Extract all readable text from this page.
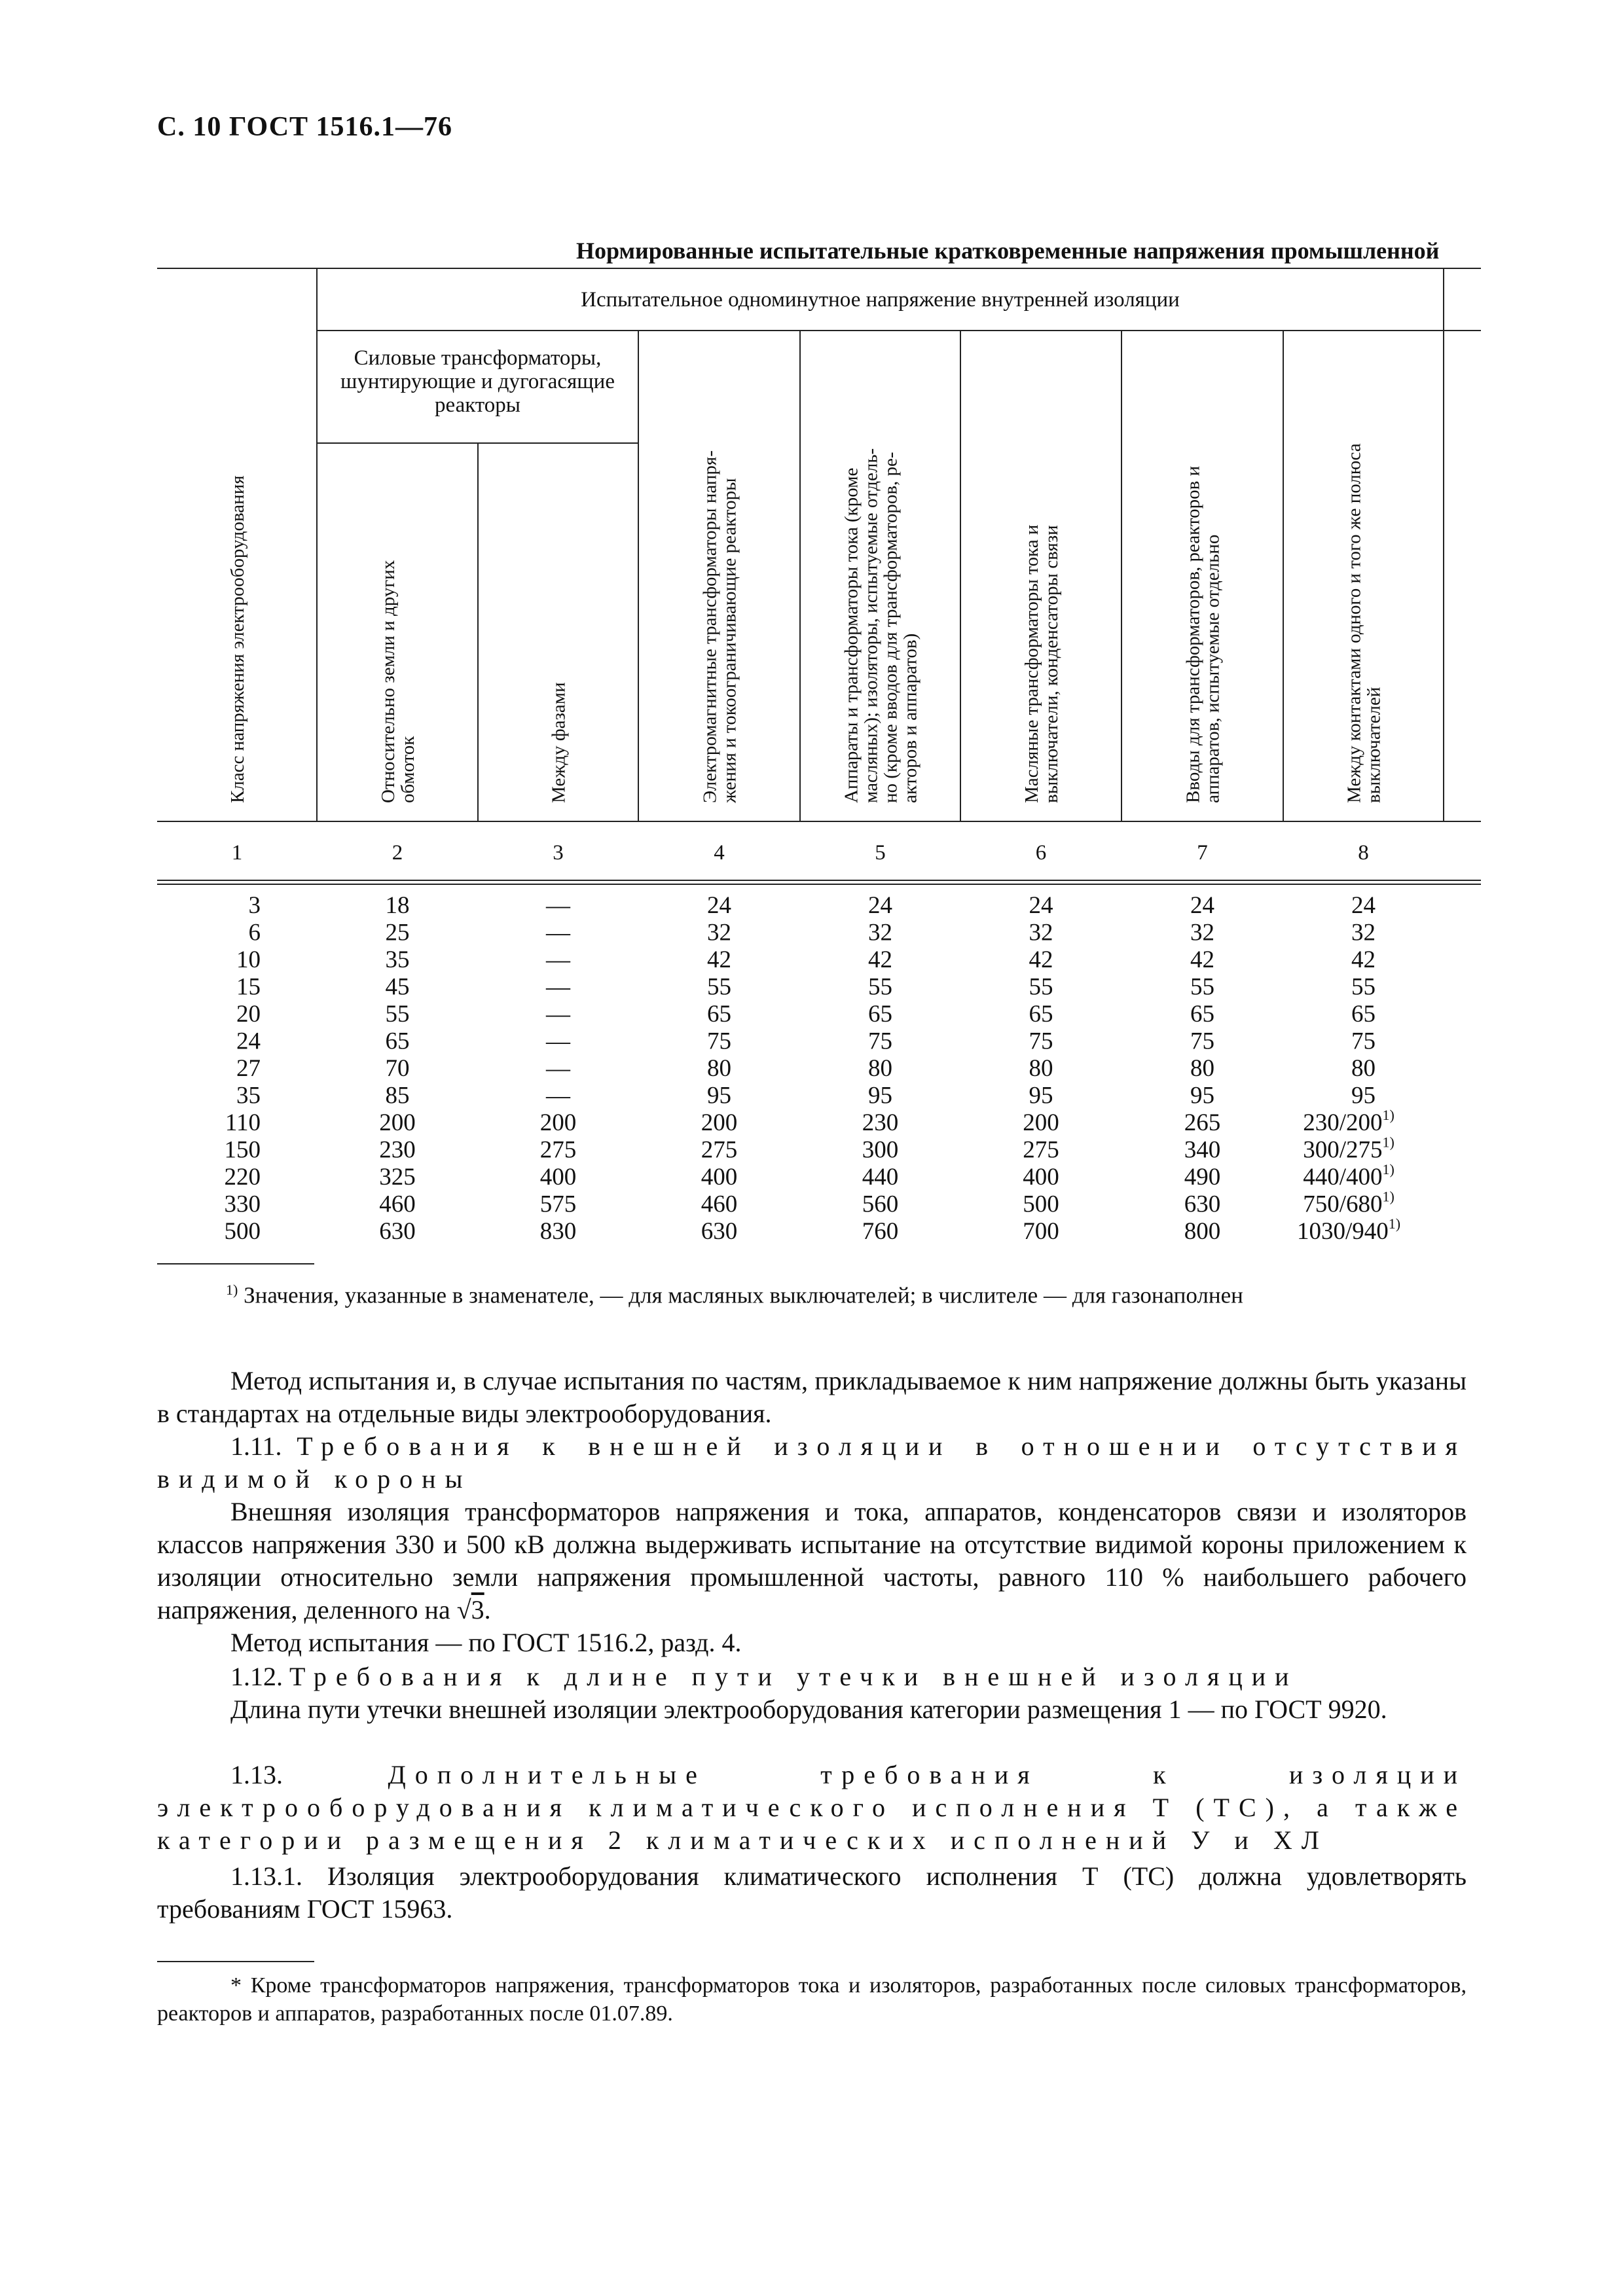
С. 10 ГОСТ 1516.1—76
Нормированные испытательные кратковременные напряжения промышленной
Испытательное одноминутное напряжение внутренней изоляции
Силовые трансформаторы,
шунтирующие и дугогасящие
реакторы
Класс напряжения электрооборудования	Относительно земли и других
обмоток	Между фазами	Электромагнитные трансформаторы напря-
жения и токоограничивающие реакторы	Аппараты и трансформаторы тока (кроме
масляных); изоляторы, испытуемые отдель-
но (кроме вводов для трансформаторов, ре-
акторов и аппаратов)	Масляные трансформаторы тока и
выключатели, конденсаторы связи	Вводы для трансформаторов, реакторов и
аппаратов, испытуемые отдельно	Между контактами одного и того же полюса
выключателей
1	2	3	4	5	6	7	8
3	18	—	24	24	24	24	24
6	25	—	32	32	32	32	32
10	35	—	42	42	42	42	42
15	45	—	55	55	55	55	55
20	55	—	65	65	65	65	65
24	65	—	75	75	75	75	75
27	70	—	80	80	80	80	80
35	85	—	95	95	95	95	95
110	200	200	200	230	200	265	230/200$^{1)}$
150	230	275	275	300	275	340	300/275$^{1)}$
220	325	400	400	440	400	490	440/400$^{1)}$
330	460	575	460	560	500	630	750/680$^{1)}$
500	630	830	630	760	700	800	1030/940$^{1)}$
$^{1)}$ Значения, указанные в знаменателе, — для масляных выключателей; в числителе — для газонаполнен
Метод испытания и, в случае испытания по частям, прикладываемое к ним напряжение должны быть указаны в стандартах на отдельные виды электрооборудования.
1.11. Требования к внешней изоляции в отношении отсутствия видимой короны
Внешняя изоляция трансформаторов напряжения и тока, аппаратов, конденсаторов связи и изоляторов классов напряжения 330 и 500 кВ должна выдерживать испытание на отсутствие видимой короны приложением к изоляции относительно земли напряжения промышленной частоты, равного 110 % наибольшего рабочего напряжения, деленного на √3.
Метод испытания — по ГОСТ 1516.2, разд. 4.
1.12. Требования к длине пути утечки внешней изоляции
Длина пути утечки внешней изоляции электрооборудования категории размещения 1 — по ГОСТ 9920.
1.13.	Дополнительные требования к изоляции электрооборудования климатического исполнения Т (ТС), а также категории размещения 2 климатических исполнений У и ХЛ
1.13.1. Изоляция электрооборудования климатического исполнения Т (ТС) должна удовлетворять требованиям ГОСТ 15963.
* Кроме трансформаторов напряжения, трансформаторов тока и изоляторов, разработанных после силовых трансформаторов, реакторов и аппаратов, разработанных после 01.07.89.
